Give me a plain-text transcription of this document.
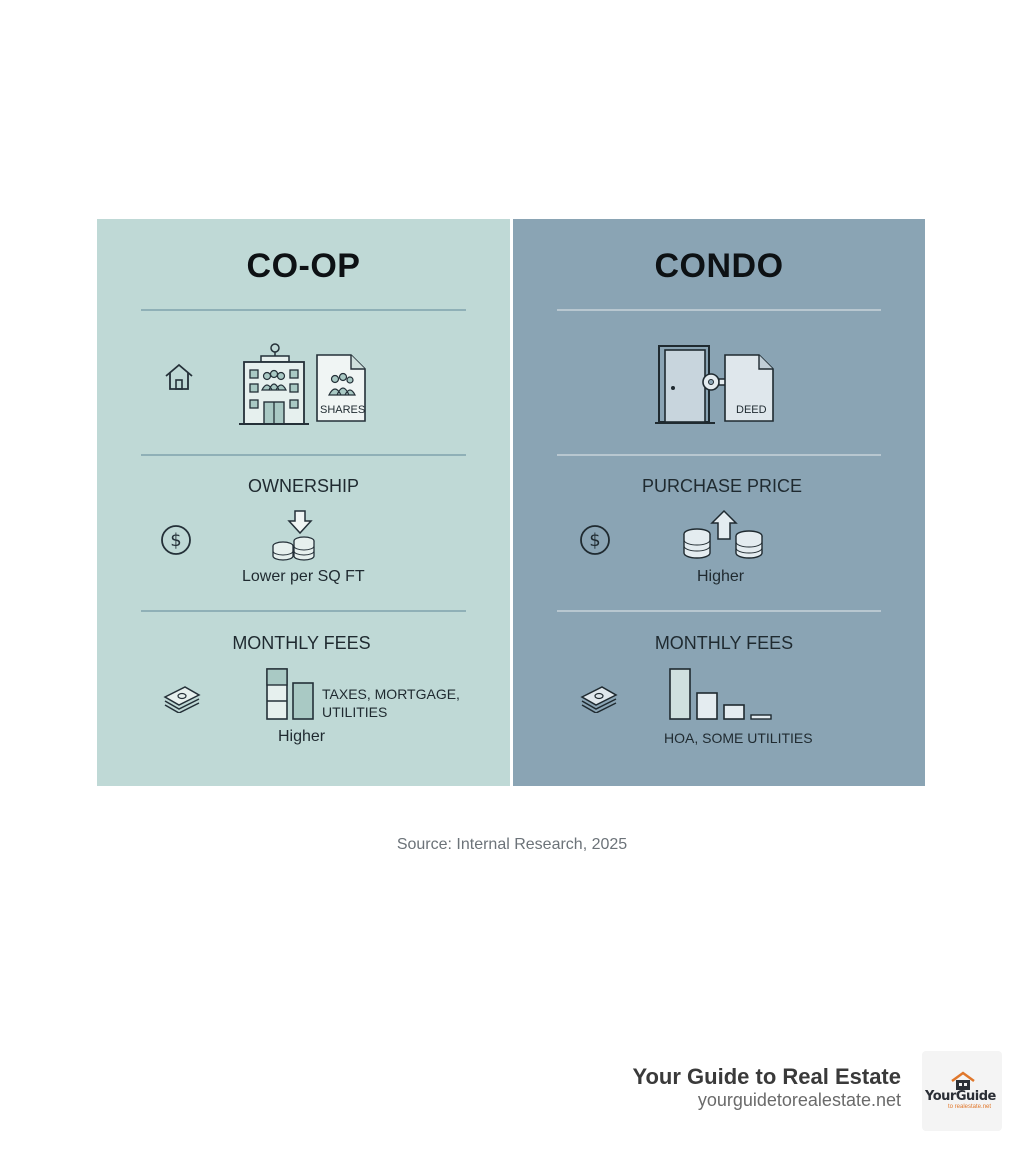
CO-OP
SHARES
OWNERSHIP
$
Lower per SQ FT
MONTHLY FEES
TAXES, MORTGAGE, UTILITIES
Higher
CONDO
DEED
PURCHASE PRICE
$
Higher
MONTHLY FEES
HOA, SOME UTILITIES
Source: Internal Research, 2025
Your Guide to Real Estate
yourguidetorealestate.net YourGuide
to realestate.net
